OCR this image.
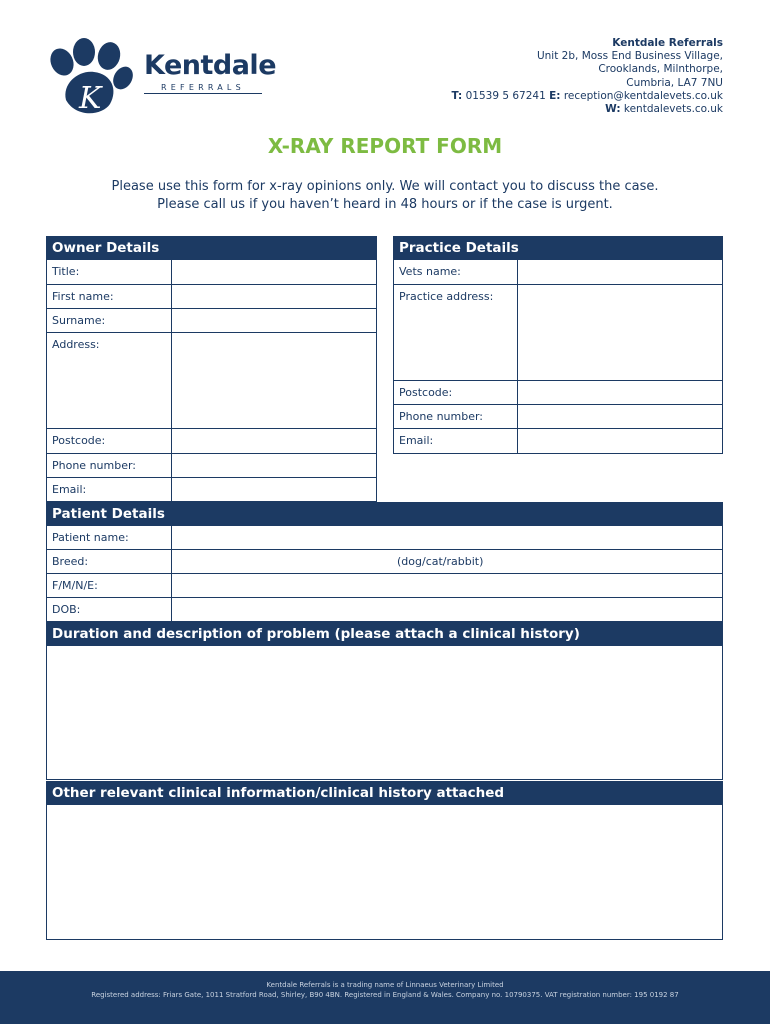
K
Kentdale
REFERRALS
Kentdale Referrals
Unit 2b, Moss End Business Village,
Crooklands, Milnthorpe,
Cumbria, LA7 7NU
T: 01539 5 67241 E: reception@kentdalevets.co.uk
W: kentdalevets.co.uk
X-RAY REPORT FORM
Please use this form for x-ray opinions only. We will contact you to discuss the case.
Please call us if you haven’t heard in 48 hours or if the case is urgent.
Owner Details
Title:
First name:
Surname:
Address:
Postcode:
Phone number:
Email:
Practice Details
Vets name:
Practice address:
Postcode:
Phone number:
Email:
Patient Details
Patient name:
Breed:	(dog/cat/rabbit)
F/M/N/E:
DOB:
Duration and description of problem (please attach a clinical history)
Other relevant clinical information/clinical history attached
Kentdale Referrals is a trading name of Linnaeus Veterinary Limited
Registered address: Friars Gate, 1011 Stratford Road, Shirley, B90 4BN. Registered in England & Wales. Company no. 10790375. VAT registration number: 195 0192 87
